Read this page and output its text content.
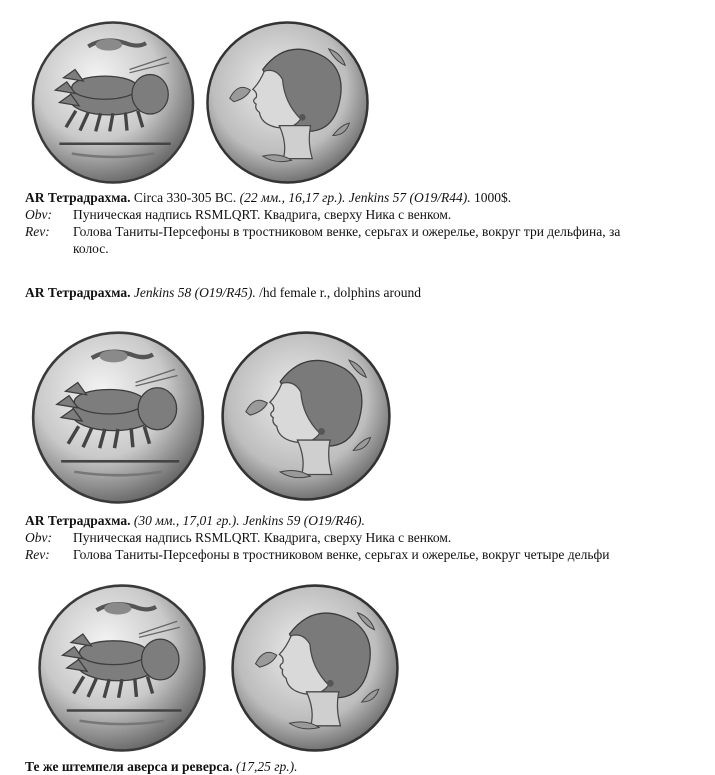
AR Тетрадрахма. Circa 330-305 BC. (22 мм., 16,17 гр.). Jenkins 57 (O19/R44). 1000$.
Obv: Пуническая надпись RSMLQRT. Квадрига, сверху Ника с венком.
Rev: Голова Таниты-Персефоны в тростниковом венке, серьгах и ожерелье, вокруг три дельфина, за
колос.
AR Тетрадрахма. Jenkins 58 (O19/R45). /hd female r., dolphins around
AR Тетрадрахма. (30 мм., 17,01 гр.). Jenkins 59 (O19/R46).
Obv: Пуническая надпись RSMLQRT. Квадрига, сверху Ника с венком.
Rev: Голова Таниты-Персефоны в тростниковом венке, серьгах и ожерелье, вокруг четыре дельфи
Те же штемпеля аверса и реверса. (17,25 гр.).
